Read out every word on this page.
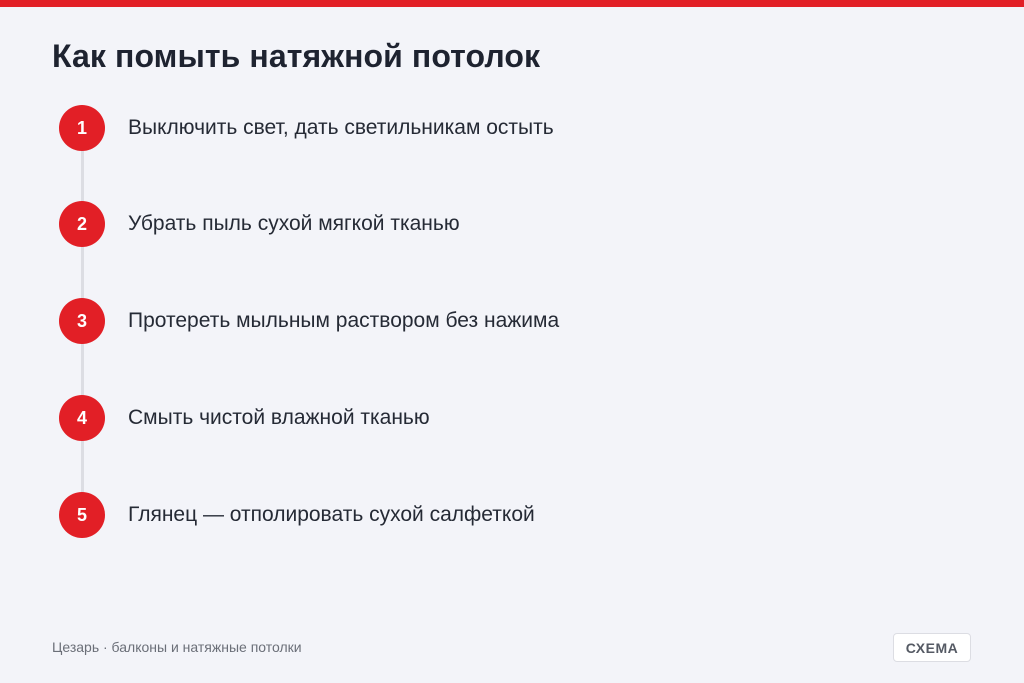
Как помыть натяжной потолок
1	Выключить свет, дать светильникам остыть
2	Убрать пыль сухой мягкой тканью
3	Протереть мыльным раствором без нажима
4	Смыть чистой влажной тканью
5	Глянец — отполировать сухой салфеткой
Цезарь · балконы и натяжные потолки	СХЕМА
